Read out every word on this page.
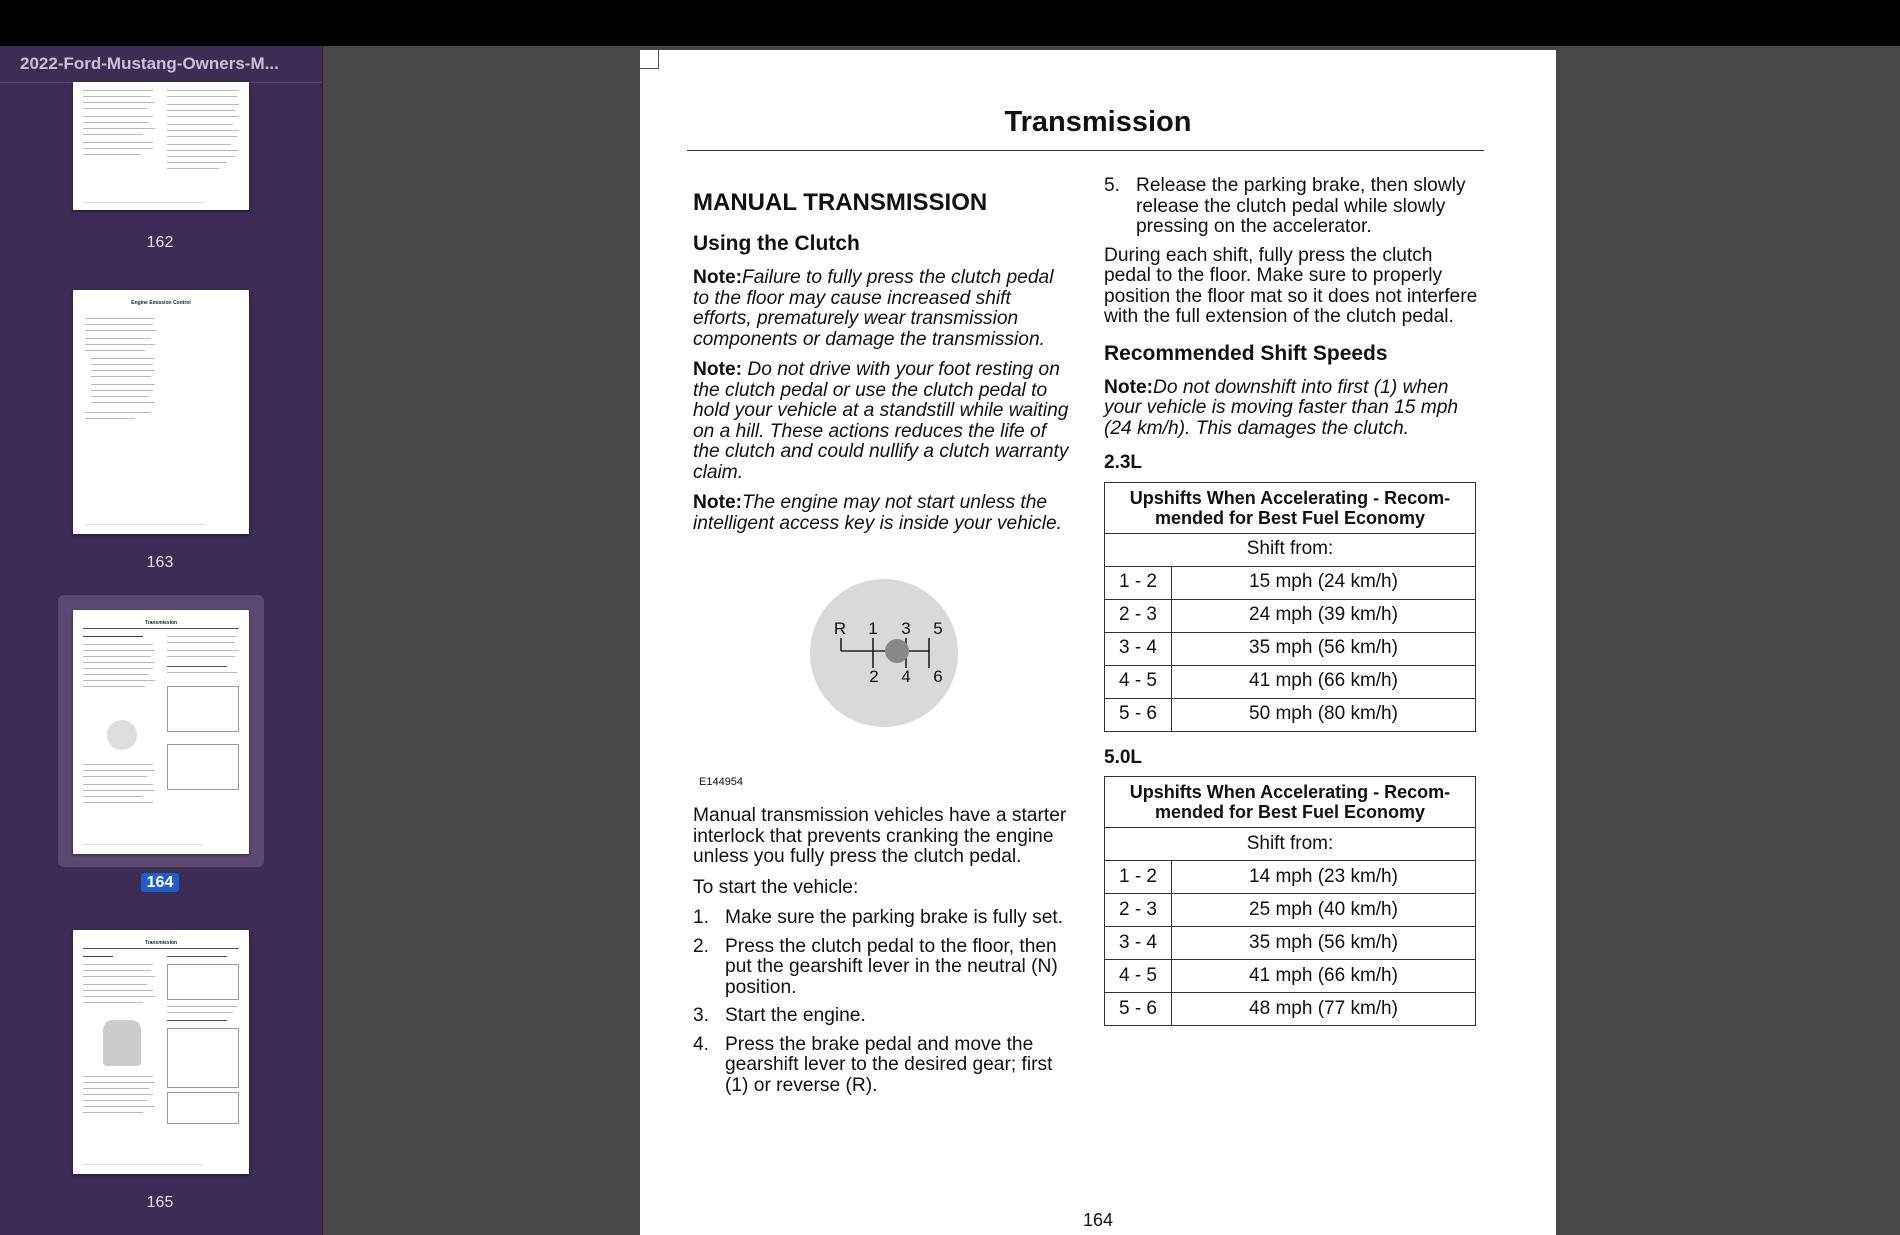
2022-Ford-Mustang-Owners-M...
162
Engine Emission Control
163
Transmission
164
Transmission
165
Transmission
MANUAL TRANSMISSION
Using the Clutch
Note:Failure to fully press the clutch pedal to the floor may cause increased shift efforts, prematurely wear transmission components or damage the transmission.
Note: Do not drive with your foot resting on the clutch pedal or use the clutch pedal to hold your vehicle at a standstill while waiting on a hill. These actions reduces the life of the clutch and could nullify a clutch warranty claim.
Note:The engine may not start unless the intelligent access key is inside your vehicle.
R 1 3 5
2 4 6
E144954
Manual transmission vehicles have a starter interlock that prevents cranking the engine unless you fully press the clutch pedal.
To start the vehicle:
1. Make sure the parking brake is fully set.
2. Press the clutch pedal to the floor, then put the gearshift lever in the neutral (N) position.
3. Start the engine.
4. Press the brake pedal and move the gearshift lever to the desired gear; first (1) or reverse (R).
5. Release the parking brake, then slowly release the clutch pedal while slowly pressing on the accelerator.
During each shift, fully press the clutch pedal to the floor. Make sure to properly position the floor mat so it does not interfere with the full extension of the clutch pedal.
Recommended Shift Speeds
Note:Do not downshift into first (1) when your vehicle is moving faster than 15 mph (24 km/h). This damages the clutch.
2.3L
Upshifts When Accelerating - Recom-mended for Best Fuel Economy	
Shift from:	
1 - 2	15 mph (24 km/h)
2 - 3	24 mph (39 km/h)
3 - 4	35 mph (56 km/h)
4 - 5	41 mph (66 km/h)
5 - 6	50 mph (80 km/h)
5.0L
Upshifts When Accelerating - Recom-mended for Best Fuel Economy	
Shift from:	
1 - 2	14 mph (23 km/h)
2 - 3	25 mph (40 km/h)
3 - 4	35 mph (56 km/h)
4 - 5	41 mph (66 km/h)
5 - 6	48 mph (77 km/h)
164
